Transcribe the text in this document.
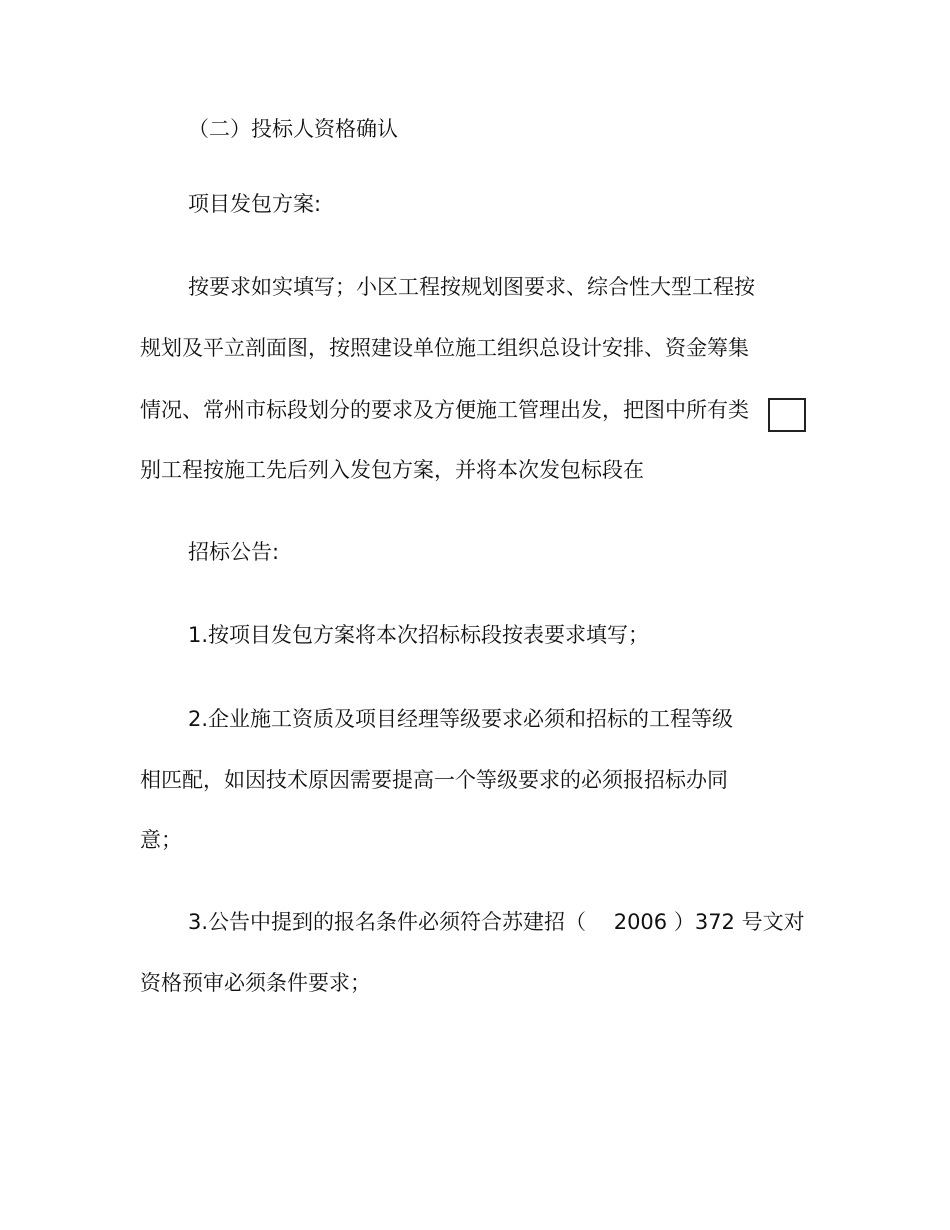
（二）投标人资格确认
项目发包方案:
按要求如实填写；小区工程按规划图要求、综合性大型工程按
规划及平立剖面图，按照建设单位施工组织总设计安排、资金筹集
情况、常州市标段划分的要求及方便施工管理出发，把图中所有类
别工程按施工先后列入发包方案，并将本次发包标段在
招标公告:
1.按项目发包方案将本次招标标段按表要求填写；
2.企业施工资质及项目经理等级要求必须和招标的工程等级
相匹配，如因技术原因需要提高一个等级要求的必须报招标办同
意；
3.公告中提到的报名条件必须符合苏建招（　 2006 ）372 号文对
资格预审必须条件要求；
